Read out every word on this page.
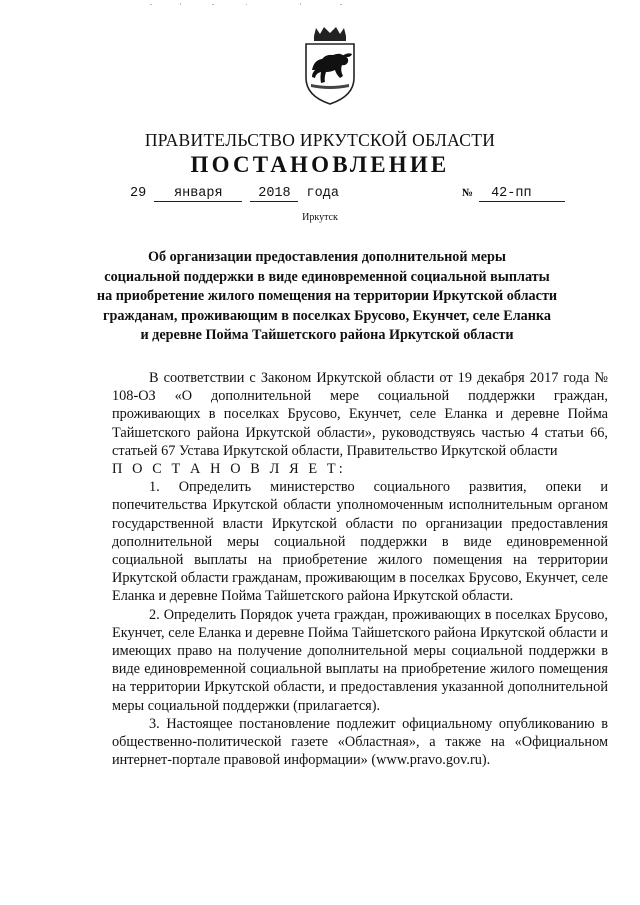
ПРАВИТЕЛЬСТВО ИРКУТСКОЙ ОБЛАСТИ
ПОСТАНОВЛЕНИЕ
29 января	2018 года	№ 42-пп
Иркутск
Об организации предоставления дополнительной меры
социальной поддержки в виде единовременной социальной выплаты
на приобретение жилого помещения на территории Иркутской области
гражданам, проживающим в поселках Брусово, Екунчет, селе Еланка
и деревне Пойма Тайшетского района Иркутской области

В соответствии с Законом Иркутской области от 19 декабря 2017 года № 108-ОЗ «О дополнительной мере социальной поддержки граждан, проживающих в поселках Брусово, Екунчет, селе Еланка и деревне Пойма Тайшетского района Иркутской области», руководствуясь частью 4 статьи 66, статьей 67 Устава Иркутской области, Правительство Иркутской области

П О С Т А Н О В Л Я Е Т:

1. Определить министерство социального развития, опеки и попечительства Иркутской области уполномоченным исполнительным органом государственной власти Иркутской области по организации предоставления дополнительной меры социальной поддержки в виде единовременной социальной выплаты на приобретение жилого помещения на территории Иркутской области гражданам, проживающим в поселках Брусово, Екунчет, селе Еланка и деревне Пойма Тайшетского района Иркутской области.

2. Определить Порядок учета граждан, проживающих в поселках Брусово, Екунчет, селе Еланка и деревне Пойма Тайшетского района Иркутской области и имеющих право на получение дополнительной меры социальной поддержки в виде единовременной социальной выплаты на приобретение жилого помещения на территории Иркутской области, и предоставления указанной дополнительной меры социальной поддержки (прилагается).

3. Настоящее постановление подлежит официальному опубликованию в общественно-политической газете «Областная», а также на «Официальном интернет-портале правовой информации» (www.pravo.gov.ru).
